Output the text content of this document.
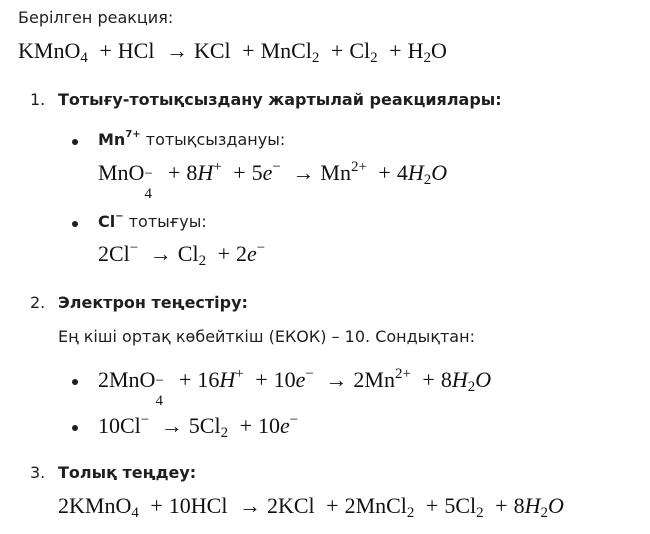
Берілген реакция:
KMnO$_4$ + HCl → KCl + MnCl$_2$ + $Cl_2 + H_2O$
1. Тотығу-тотықсыздану жартылай реакциялары:
$Mn^{7+}$ тотықсыздануы:
MnO −
4
+ $8H^+ + 5e^- \to Mn^{2+} + 4H_2O$
Cl− тотығуы:
$2Cl^- \to Cl_2 + 2e^-$
2. Электрон теңестіру:
Ең кіші ортақ көбейткіш (ЕКОК) – 10. Сондықтан:
2MnO −
4
+ $16H^+ + 10e^- \to 2Mn^{2+} + 8H_2O$
$10Cl^- \to 5Cl_2 + 10e^-$
3. Толық теңдеу:
2KMnO$_4$ + 10HCl → 2KCl + 2MnCl$_2$ + $5Cl_2 + 8H_2O$
